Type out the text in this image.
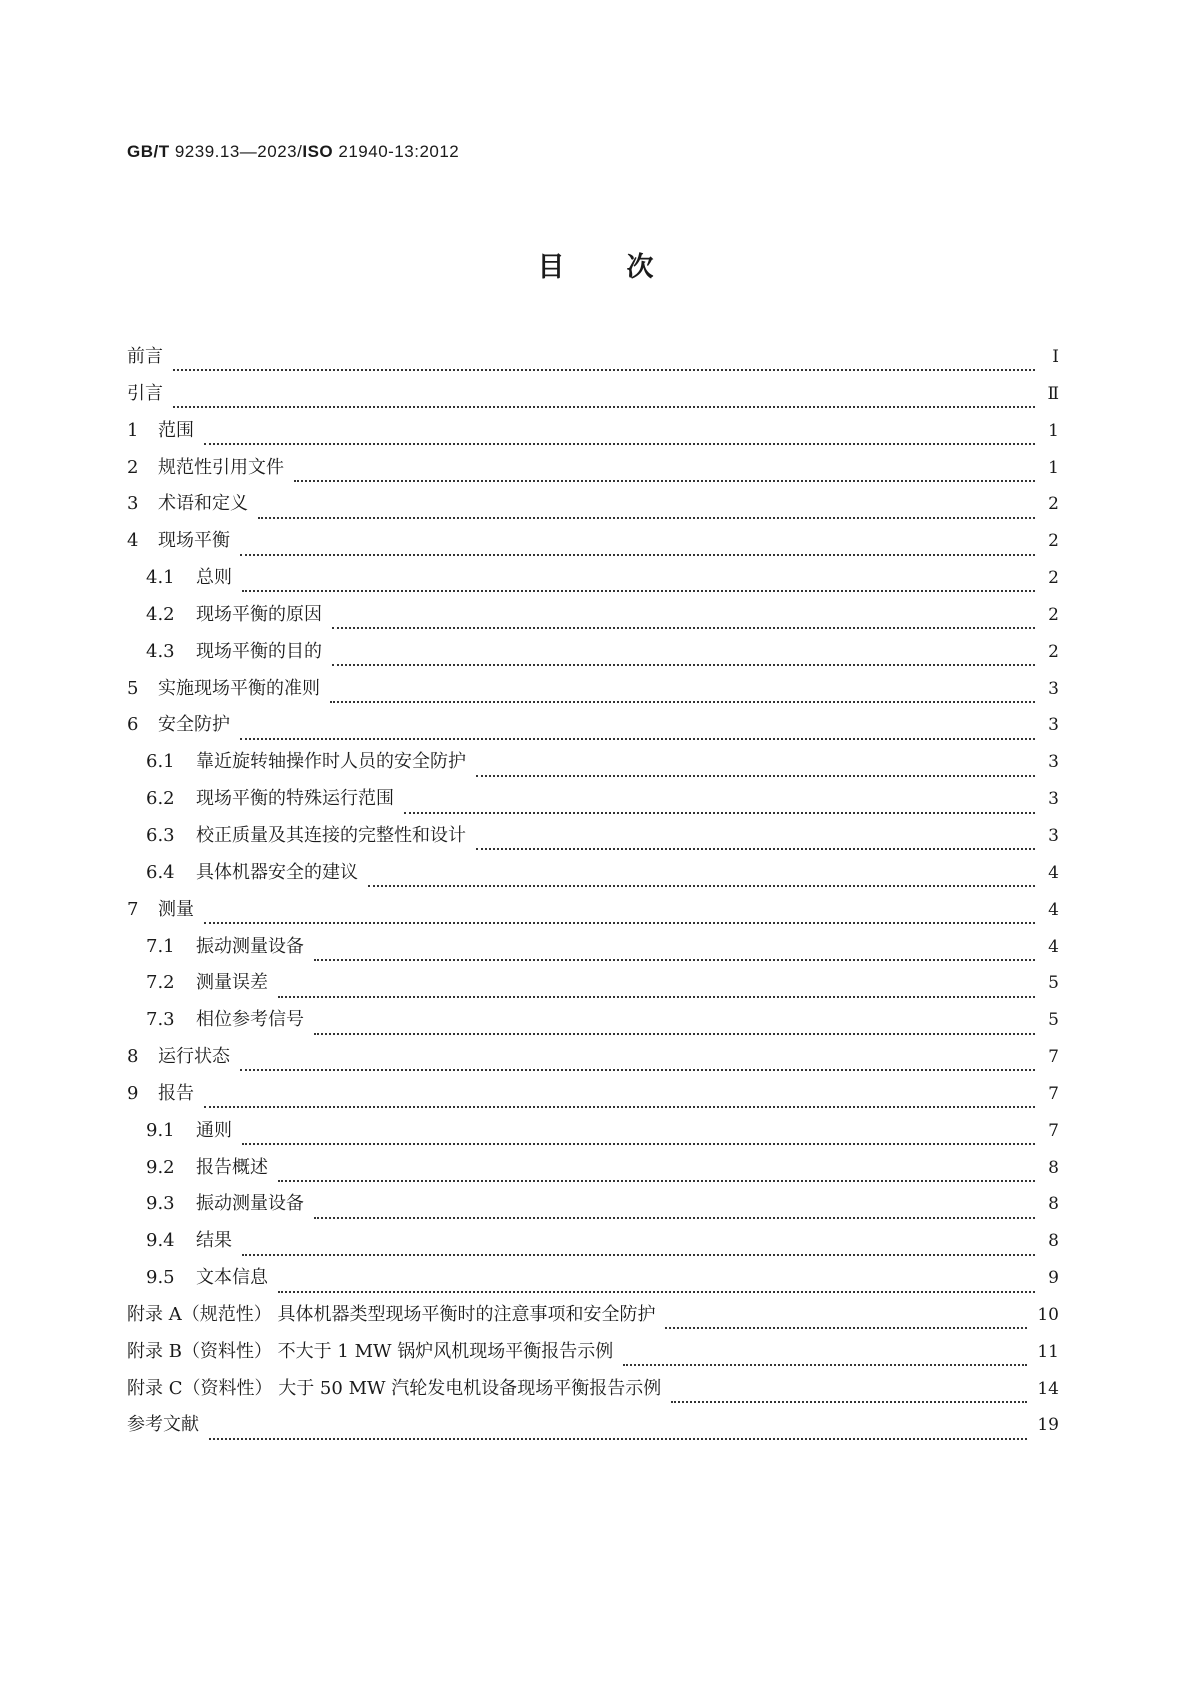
GB/T 9239.13—2023/ISO 21940-13:2012
目 次
前言	Ⅰ
引言	Ⅱ
1	范围	1
2	规范性引用文件	1
3	术语和定义	2
4	现场平衡	2
4.1	总则	2
4.2	现场平衡的原因	2
4.3	现场平衡的目的	2
5	实施现场平衡的准则	3
6	安全防护	3
6.1	靠近旋转轴操作时人员的安全防护	3
6.2	现场平衡的特殊运行范围	3
6.3	校正质量及其连接的完整性和设计	3
6.4	具体机器安全的建议	4
7	测量	4
7.1	振动测量设备	4
7.2	测量误差	5
7.3	相位参考信号	5
8	运行状态	7
9	报告	7
9.1	通则	7
9.2	报告概述	8
9.3	振动测量设备	8
9.4	结果	8
9.5	文本信息	9
附录 A（规范性） 具体机器类型现场平衡时的注意事项和安全防护	10
附录 B（资料性） 不大于 1 MW 锅炉风机现场平衡报告示例	11
附录 C（资料性） 大于 50 MW 汽轮发电机设备现场平衡报告示例	14
参考文献	19
